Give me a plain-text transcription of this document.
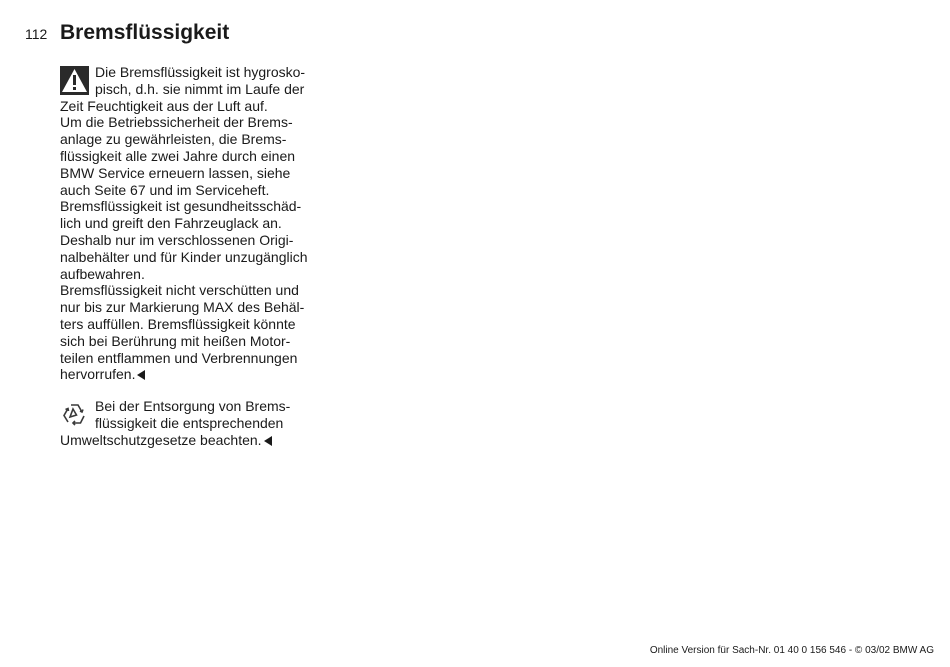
112 Bremsflüssigkeit

Die Bremsflüssigkeit ist hygrosko-
pisch, d.h. sie nimmt im Laufe der
Zeit Feuchtigkeit aus der Luft auf.
Um die Betriebssicherheit der Brems-
anlage zu gewährleisten, die Brems-
flüssigkeit alle zwei Jahre durch einen
BMW Service erneuern lassen, siehe
auch Seite 67 und im Serviceheft.
Bremsflüssigkeit ist gesundheitsschäd-
lich und greift den Fahrzeuglack an.
Deshalb nur im verschlossenen Origi-
nalbehälter und für Kinder unzugänglich
aufbewahren.
Bremsflüssigkeit nicht verschütten und
nur bis zur Markierung MAX des Behäl-
ters auffüllen. Bremsflüssigkeit könnte
sich bei Berührung mit heißen Motor-
teilen entflammen und Verbrennungen
hervorrufen.

Bei der Entsorgung von Brems-
flüssigkeit die entsprechenden
Umweltschutzgesetze beachten.

Online Version für Sach-Nr. 01 40 0 156 546 - © 03/02 BMW AG
